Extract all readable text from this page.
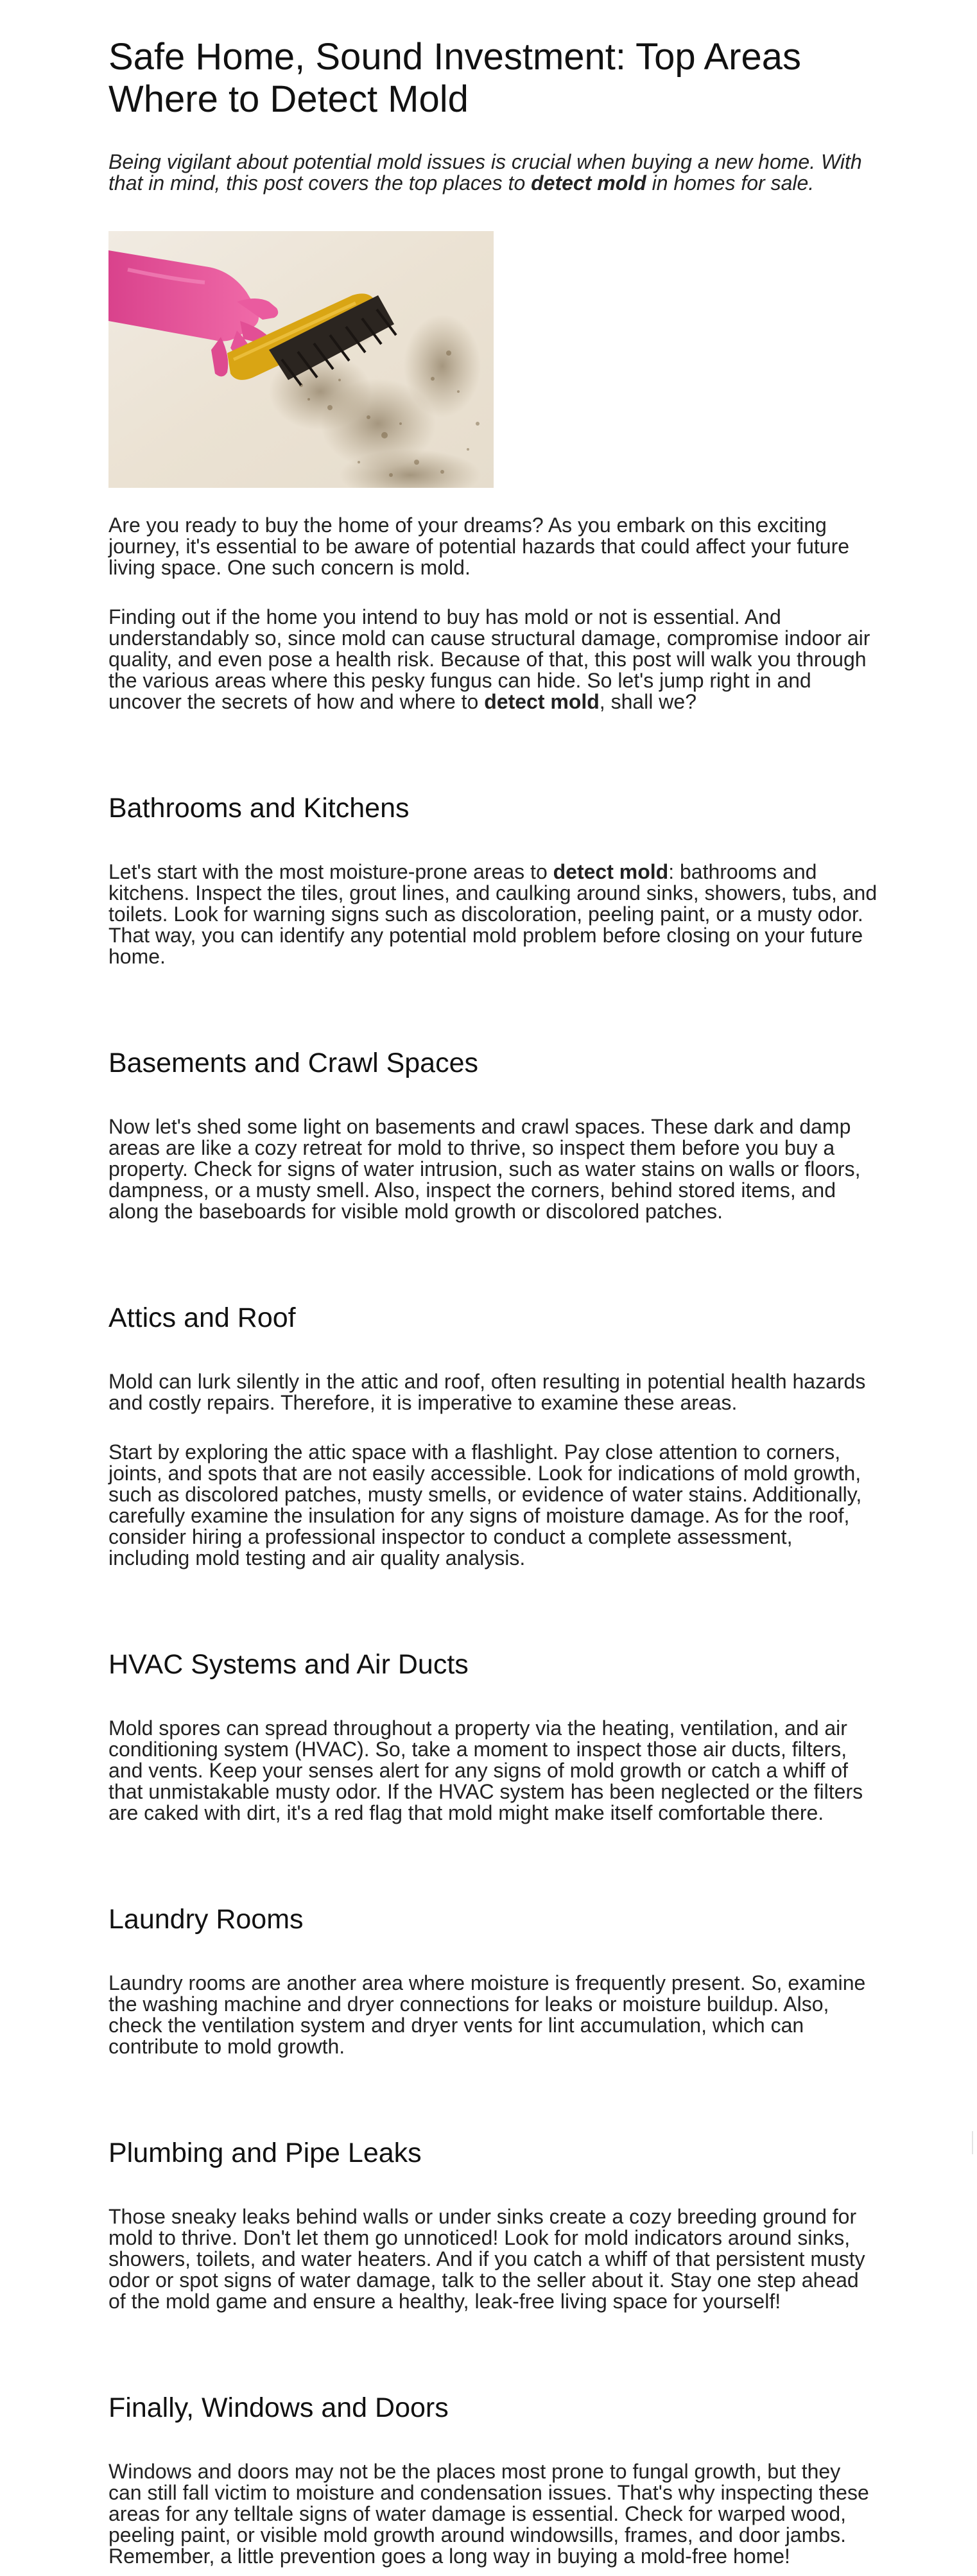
Safe Home, Sound Investment: Top Areas Where to Detect Mold

Being vigilant about potential mold issues is crucial when buying a new home. With that in mind, this post covers the top places to detect mold in homes for sale.

Are you ready to buy the home of your dreams? As you embark on this exciting journey, it's essential to be aware of potential hazards that could affect your future living space. One such concern is mold.

Finding out if the home you intend to buy has mold or not is essential. And understandably so, since mold can cause structural damage, compromise indoor air quality, and even pose a health risk. Because of that, this post will walk you through the various areas where this pesky fungus can hide. So let's jump right in and uncover the secrets of how and where to detect mold, shall we?

Bathrooms and Kitchens

Let's start with the most moisture-prone areas to detect mold: bathrooms and kitchens. Inspect the tiles, grout lines, and caulking around sinks, showers, tubs, and toilets. Look for warning signs such as discoloration, peeling paint, or a musty odor. That way, you can identify any potential mold problem before closing on your future home.

Basements and Crawl Spaces

Now let's shed some light on basements and crawl spaces. These dark and damp areas are like a cozy retreat for mold to thrive, so inspect them before you buy a property. Check for signs of water intrusion, such as water stains on walls or floors, dampness, or a musty smell. Also, inspect the corners, behind stored items, and along the baseboards for visible mold growth or discolored patches.

Attics and Roof

Mold can lurk silently in the attic and roof, often resulting in potential health hazards and costly repairs. Therefore, it is imperative to examine these areas.

Start by exploring the attic space with a flashlight. Pay close attention to corners, joints, and spots that are not easily accessible. Look for indications of mold growth, such as discolored patches, musty smells, or evidence of water stains. Additionally, carefully examine the insulation for any signs of moisture damage. As for the roof, consider hiring a professional inspector to conduct a complete assessment, including mold testing and air quality analysis.

HVAC Systems and Air Ducts

Mold spores can spread throughout a property via the heating, ventilation, and air conditioning system (HVAC). So, take a moment to inspect those air ducts, filters, and vents. Keep your senses alert for any signs of mold growth or catch a whiff of that unmistakable musty odor. If the HVAC system has been neglected or the filters are caked with dirt, it's a red flag that mold might make itself comfortable there.

Laundry Rooms

Laundry rooms are another area where moisture is frequently present. So, examine the washing machine and dryer connections for leaks or moisture buildup. Also, check the ventilation system and dryer vents for lint accumulation, which can contribute to mold growth.

Plumbing and Pipe Leaks

Those sneaky leaks behind walls or under sinks create a cozy breeding ground for mold to thrive. Don't let them go unnoticed! Look for mold indicators around sinks, showers, toilets, and water heaters. And if you catch a whiff of that persistent musty odor or spot signs of water damage, talk to the seller about it. Stay one step ahead of the mold game and ensure a healthy, leak-free living space for yourself!

Finally, Windows and Doors

Windows and doors may not be the places most prone to fungal growth, but they can still fall victim to moisture and condensation issues. That's why inspecting these areas for any telltale signs of water damage is essential. Check for warped wood, peeling paint, or visible mold growth around windowsills, frames, and door jambs. Remember, a little prevention goes a long way in buying a mold-free home!
